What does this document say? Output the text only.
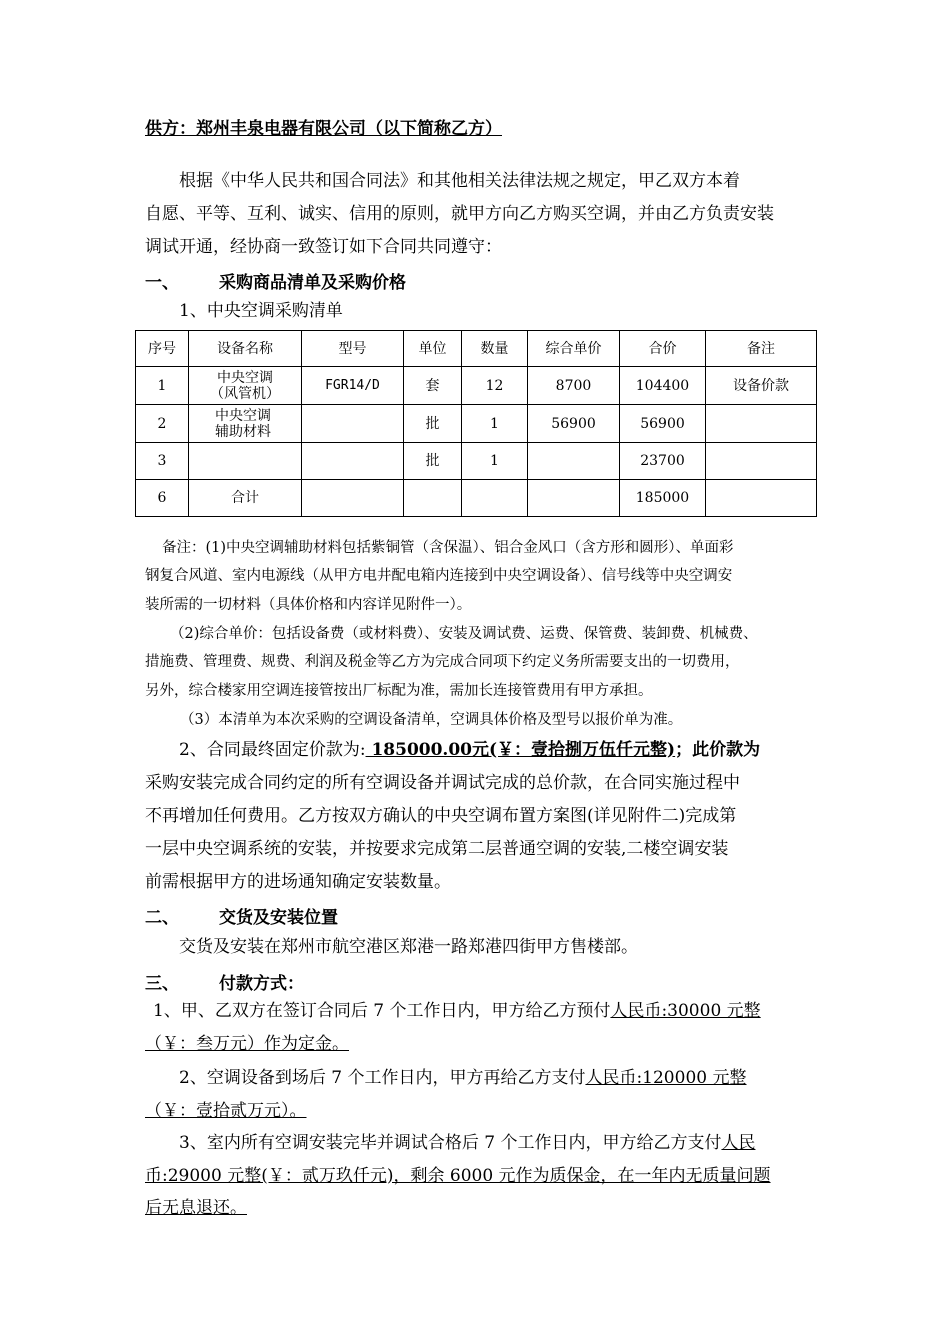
供方：郑州丰泉电器有限公司（以下简称乙方）
根据《中华人民共和国合同法》和其他相关法律法规之规定，甲乙双方本着
自愿、平等、互利、诚实、信用的原则，就甲方向乙方购买空调，并由乙方负责安装
调试开通，经协商一致签订如下合同共同遵守：
一、 采购商品清单及采购价格
1、中央空调采购清单
序号	设备名称	型号	单位	数量	综合单价	合价	备注
1	中央空调
（风管机）	FGR14/D	套	12	8700	104400	设备价款
2	中央空调
辅助材料		批	1	56900	56900	
3			批	1		23700	
6	合计					185000	
备注：(1)中央空调辅助材料包括紫铜管（含保温）、铝合金风口（含方形和圆形）、单面彩
钢复合风道、室内电源线（从甲方电井配电箱内连接到中央空调设备）、信号线等中央空调安
装所需的一切材料（具体价格和内容详见附件一）。
（2)综合单价：包括设备费（或材料费）、安装及调试费、运费、保管费、装卸费、机械费、
措施费、管理费、规费、利润及税金等乙方为完成合同项下约定义务所需要支出的一切费用，
另外，综合楼家用空调连接管按出厂标配为准，需加长连接管费用有甲方承担。
（3）本清单为本次采购的空调设备清单，空调具体价格及型号以报价单为准。
2、合同最终固定价款为: 185000.00元(￥：壹拾捌万伍仟元整)；此价款为
采购安装完成合同约定的所有空调设备并调试完成的总价款，在合同实施过程中
不再增加任何费用。乙方按双方确认的中央空调布置方案图(详见附件二)完成第
一层中央空调系统的安装，并按要求完成第二层普通空调的安装,二楼空调安装
前需根据甲方的进场通知确定安装数量。
二、 交货及安装位置
交货及安装在郑州市航空港区郑港一路郑港四街甲方售楼部。
三、 付款方式：
1、甲、乙双方在签订合同后 7 个工作日内，甲方给乙方预付人民币:30000 元整
（￥：叁万元）作为定金。
2、空调设备到场后 7 个工作日内，甲方再给乙方支付人民币:120000 元整
（￥：壹拾贰万元）。
3、室内所有空调安装完毕并调试合格后 7 个工作日内，甲方给乙方支付人民
币:29000 元整(￥：贰万玖仟元)，剩余 6000 元作为质保金，在一年内无质量问题
后无息退还。
